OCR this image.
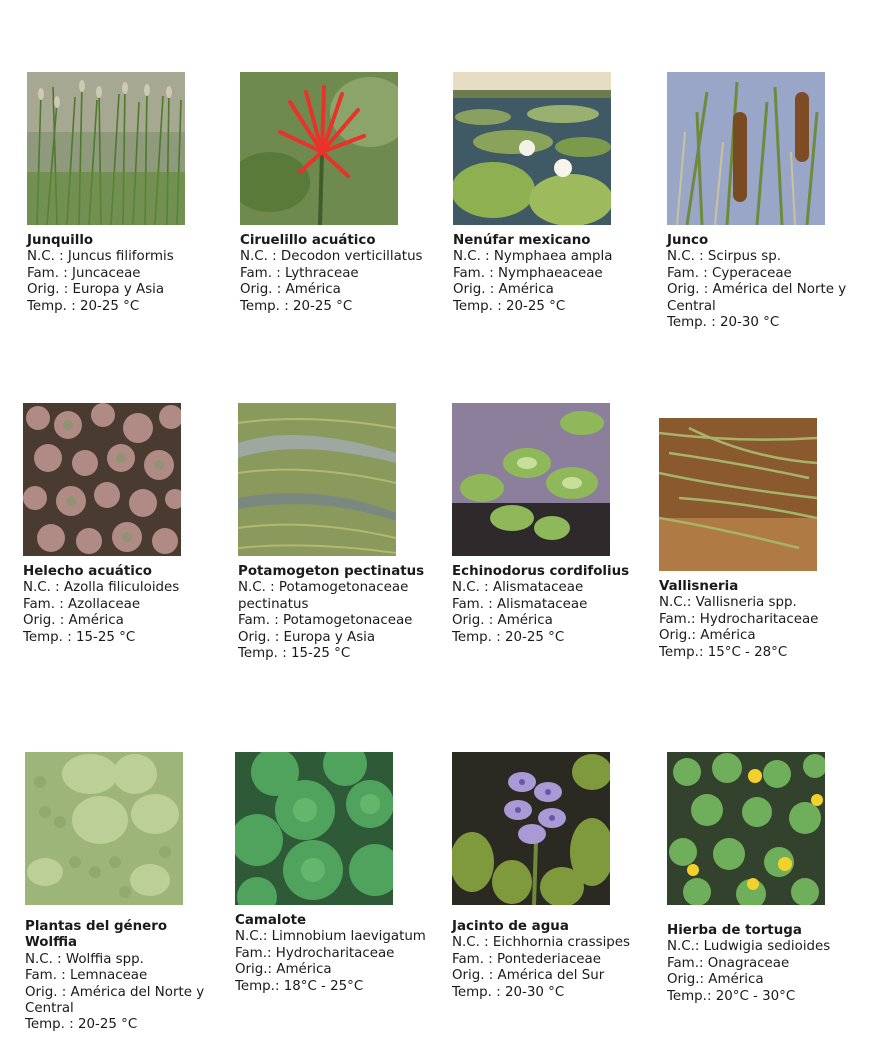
Junquillo
N.C. : Juncus filiformis
Fam. : Juncaceae
Orig. : Europa y Asia
Temp. : 20-25 °C
Ciruelillo acuático
N.C. : Decodon verticillatus
Fam. : Lythraceae
Orig. : América
Temp. : 20-25 °C
Nenúfar mexicano
N.C. : Nymphaea ampla
Fam. : Nymphaeaceae
Orig. : América
Temp. : 20-25 °C
Junco
N.C. : Scirpus sp.
Fam. : Cyperaceae
Orig. : América del Norte y Central
Temp. : 20-30 °C
Helecho acuático
N.C. : Azolla filiculoides
Fam. : Azollaceae
Orig. : América
Temp. : 15-25 °C
Potamogeton pectinatus
N.C. : Potamogetonaceae pectinatus
Fam. : Potamogetonaceae
Orig. : Europa y Asia
Temp. : 15-25 °C
Echinodorus cordifolius
N.C. : Alismataceae
Fam. : Alismataceae
Orig. : América
Temp. : 20-25 °C
Vallisneria
N.C.: Vallisneria spp.
Fam.: Hydrocharitaceae
Orig.: América
Temp.: 15°C - 28°C
Plantas del género Wolffia
N.C. : Wolffia spp.
Fam. : Lemnaceae
Orig. : América del Norte y Central
Temp. : 20-25 °C
Camalote
N.C.: Limnobium laevigatum
Fam.: Hydrocharitaceae
Orig.: América
Temp.: 18°C - 25°C
Jacinto de agua
N.C. : Eichhornia crassipes
Fam. : Pontederiaceae
Orig. : América del Sur
Temp. : 20-30 °C
Hierba de tortuga
N.C.: Ludwigia sedioides
Fam.: Onagraceae
Orig.: América
Temp.: 20°C - 30°C
